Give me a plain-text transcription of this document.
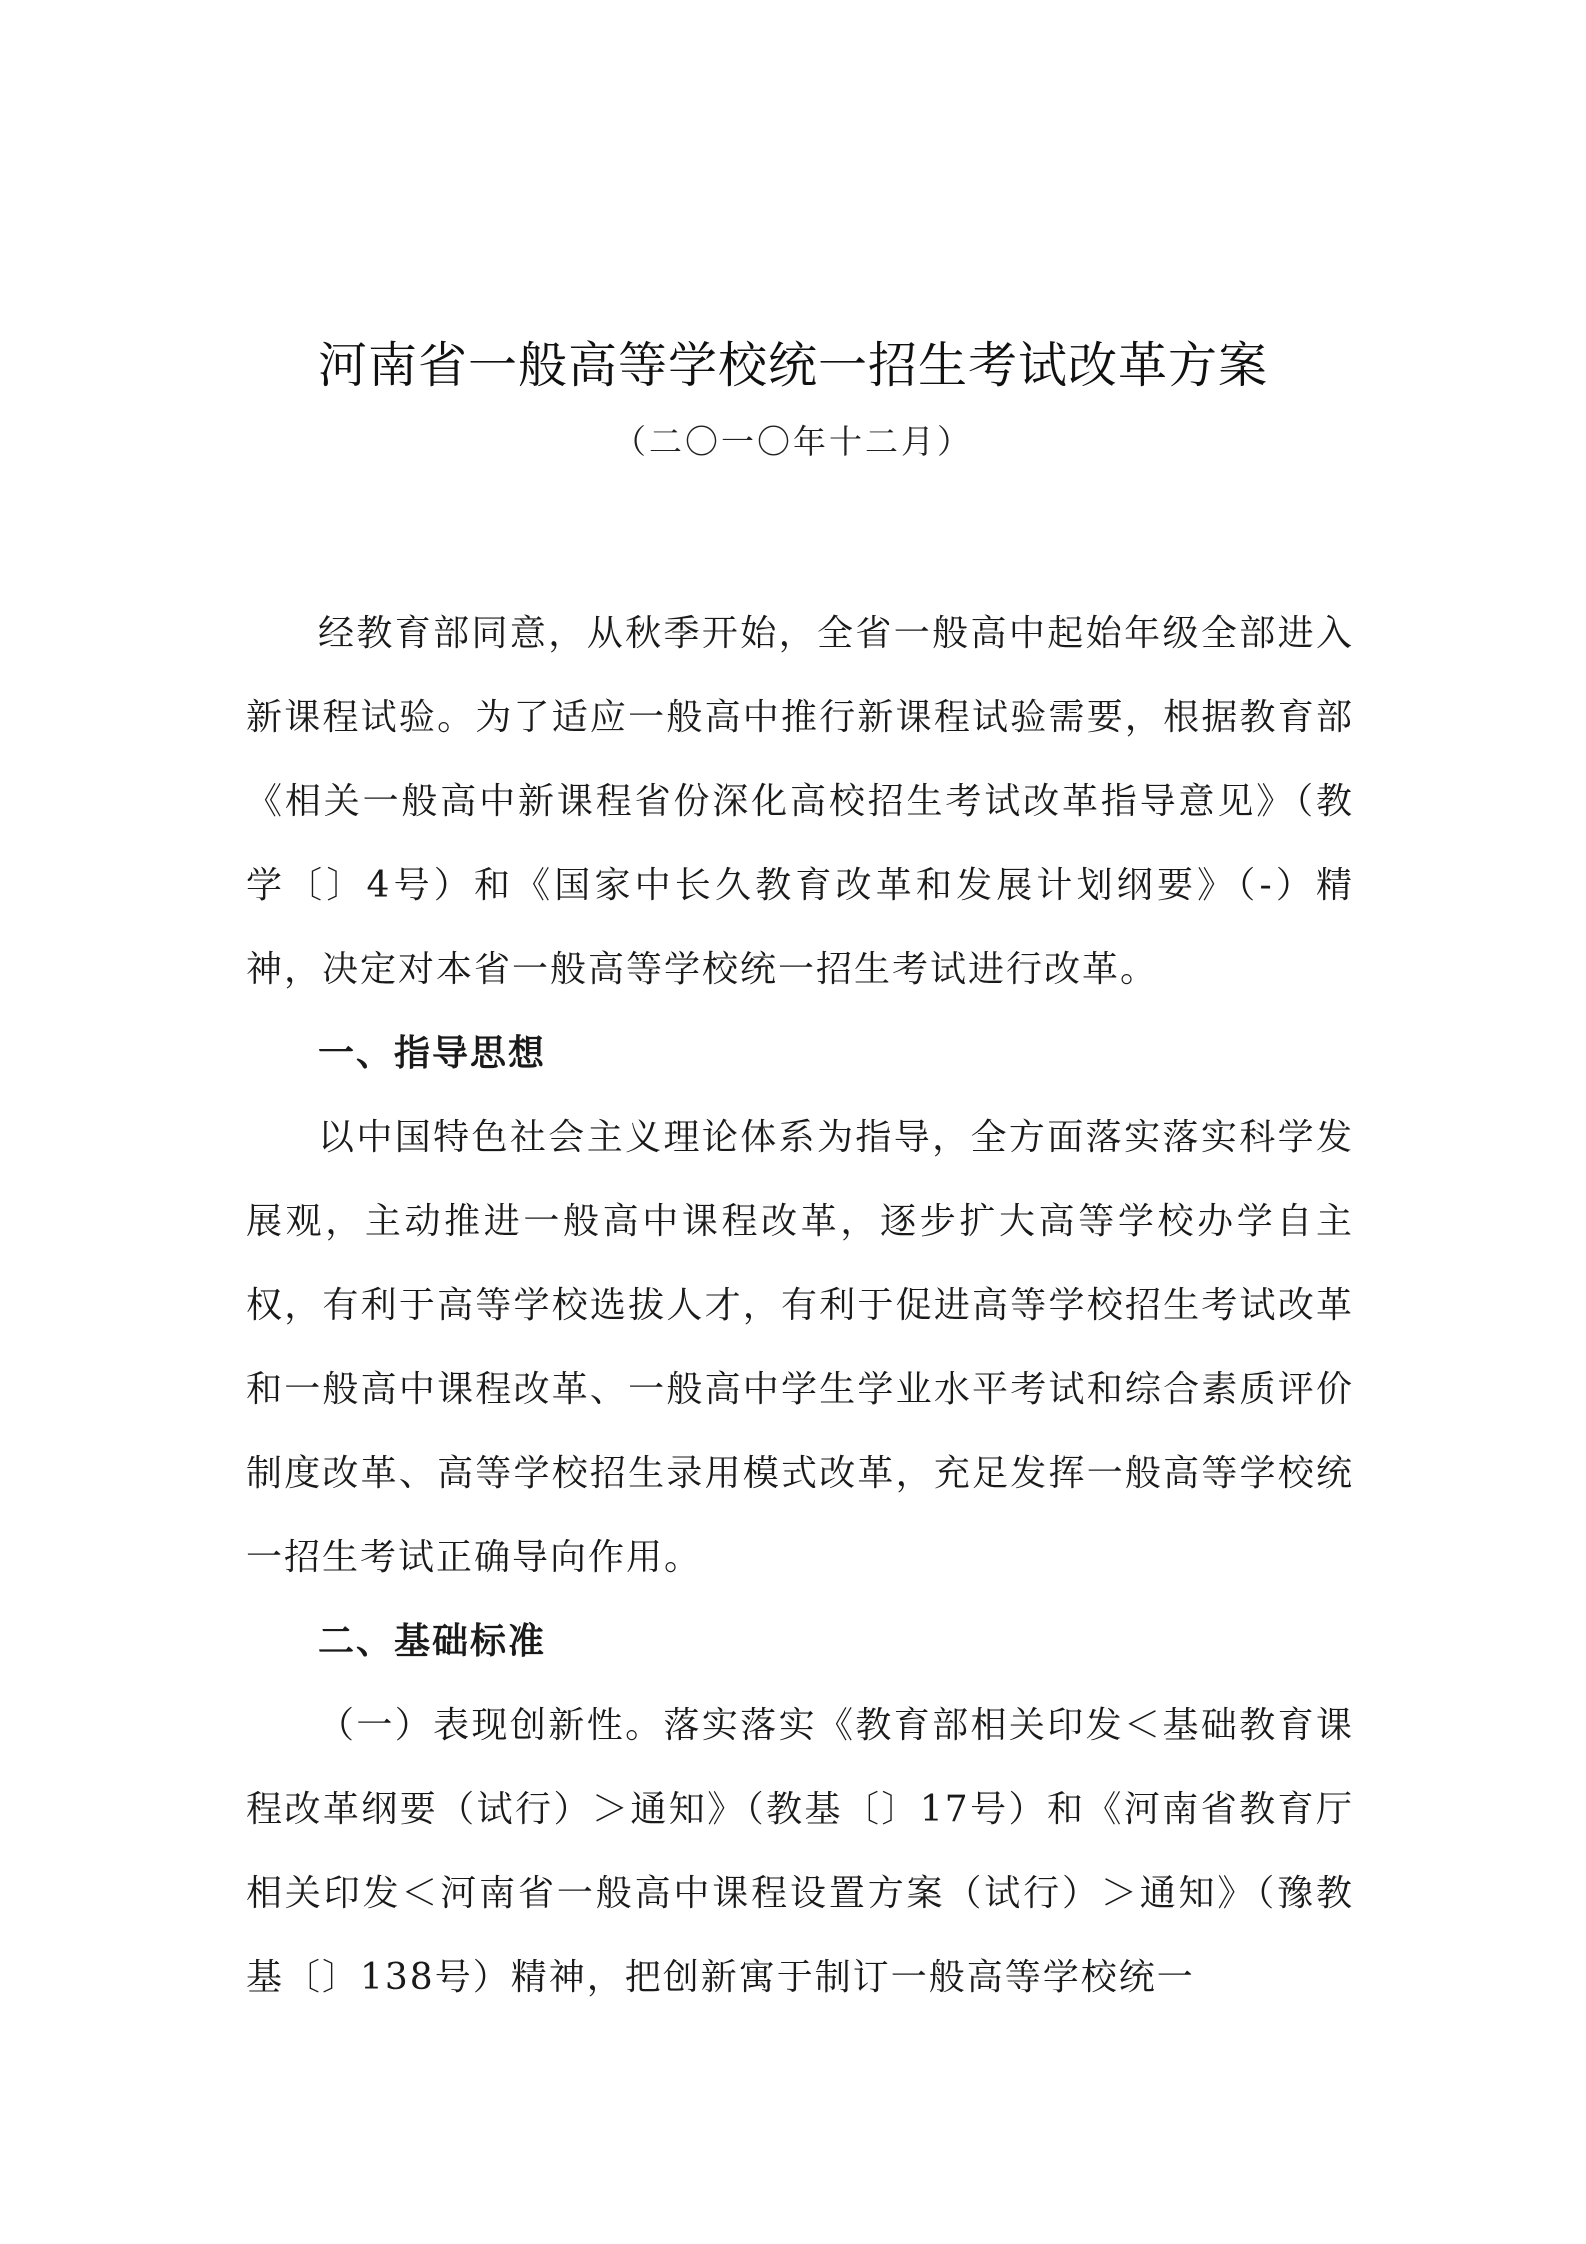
河南省一般高等学校统一招生考试改革方案
（二〇一〇年十二月）

经教育部同意，从秋季开始，全省一般高中起始年级全部进入新课程试验。为了适应一般高中推行新课程试验需要，根据教育部《相关一般高中新课程省份深化高校招生考试改革指导意见》（教学〔〕4号）和《国家中长久教育改革和发展计划纲要》（-）精神，决定对本省一般高等学校统一招生考试进行改革。

一、指导思想

以中国特色社会主义理论体系为指导，全方面落实落实科学发展观，主动推进一般高中课程改革，逐步扩大高等学校办学自主权，有利于高等学校选拔人才，有利于促进高等学校招生考试改革和一般高中课程改革、一般高中学生学业水平考试和综合素质评价制度改革、高等学校招生录用模式改革，充足发挥一般高等学校统一招生考试正确导向作用。

二、基础标准

（一）表现创新性。落实落实《教育部相关印发＜基础教育课程改革纲要（试行）＞通知》（教基〔〕17号）和《河南省教育厅相关印发＜河南省一般高中课程设置方案（试行）＞通知》（豫教基〔〕138号）精神，把创新寓于制订一般高等学校统一
